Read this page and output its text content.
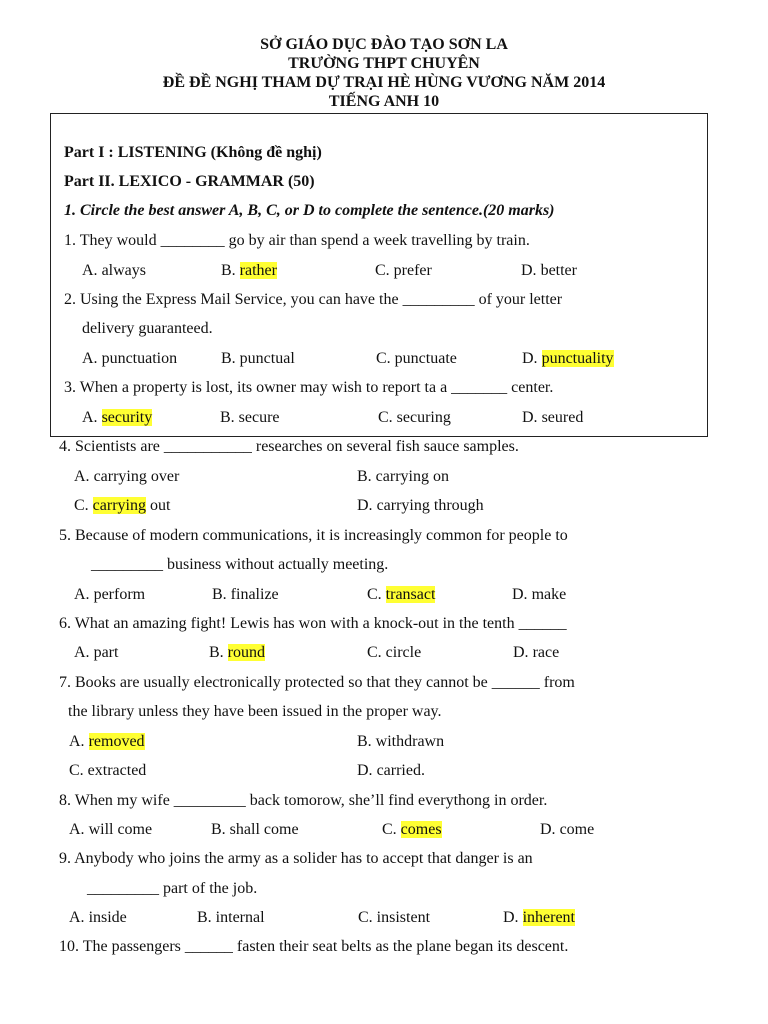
SỞ GIÁO DỤC ĐÀO TẠO SƠN LA
TRƯỜNG THPT CHUYÊN
ĐỀ ĐỀ NGHỊ THAM DỰ TRẠI HÈ HÙNG VƯƠNG NĂM 2014
TIẾNG ANH 10
Part I : LISTENING (Không đề nghị)
Part II. LEXICO - GRAMMAR (50)
1. Circle the best answer A, B, C, or D to complete the sentence.(20 marks)
1. They would ________ go by air than spend a week travelling by train.
A. always	B. rather	C. prefer	D. better
2. Using the Express Mail Service, you can have the _________ of your letter
delivery guaranteed.
A. punctuation	B. punctual	C. punctuate	D. punctuality
3. When a property is lost, its owner may wish to report ta a _______ center.
A. security	B. secure	C. securing	D. seured
4. Scientists are ___________ researches on several fish sauce samples.
A. carrying over	B. carrying on
C. carrying out	D. carrying through
5. Because of modern communications, it is increasingly common for people to
_________ business without actually meeting.
A. perform	B. finalize	C. transact	D. make
6. What an amazing fight! Lewis has won with a knock-out in the tenth ______
A. part	B. round	C. circle	D. race
7. Books are usually electronically protected so that they cannot be ______ from
the library unless they have been issued in the proper way.
A. removed	B. withdrawn
C. extracted	D. carried.
8. When my wife _________ back tomorow, she’ll find everythong in order.
A. will come	B. shall come	C. comes	D. come
9. Anybody who joins the army as a solider has to accept that danger is an
_________ part of the job.
A. inside	B. internal	C. insistent	D. inherent
10. The passengers ______ fasten their seat belts as the plane began its descent.
